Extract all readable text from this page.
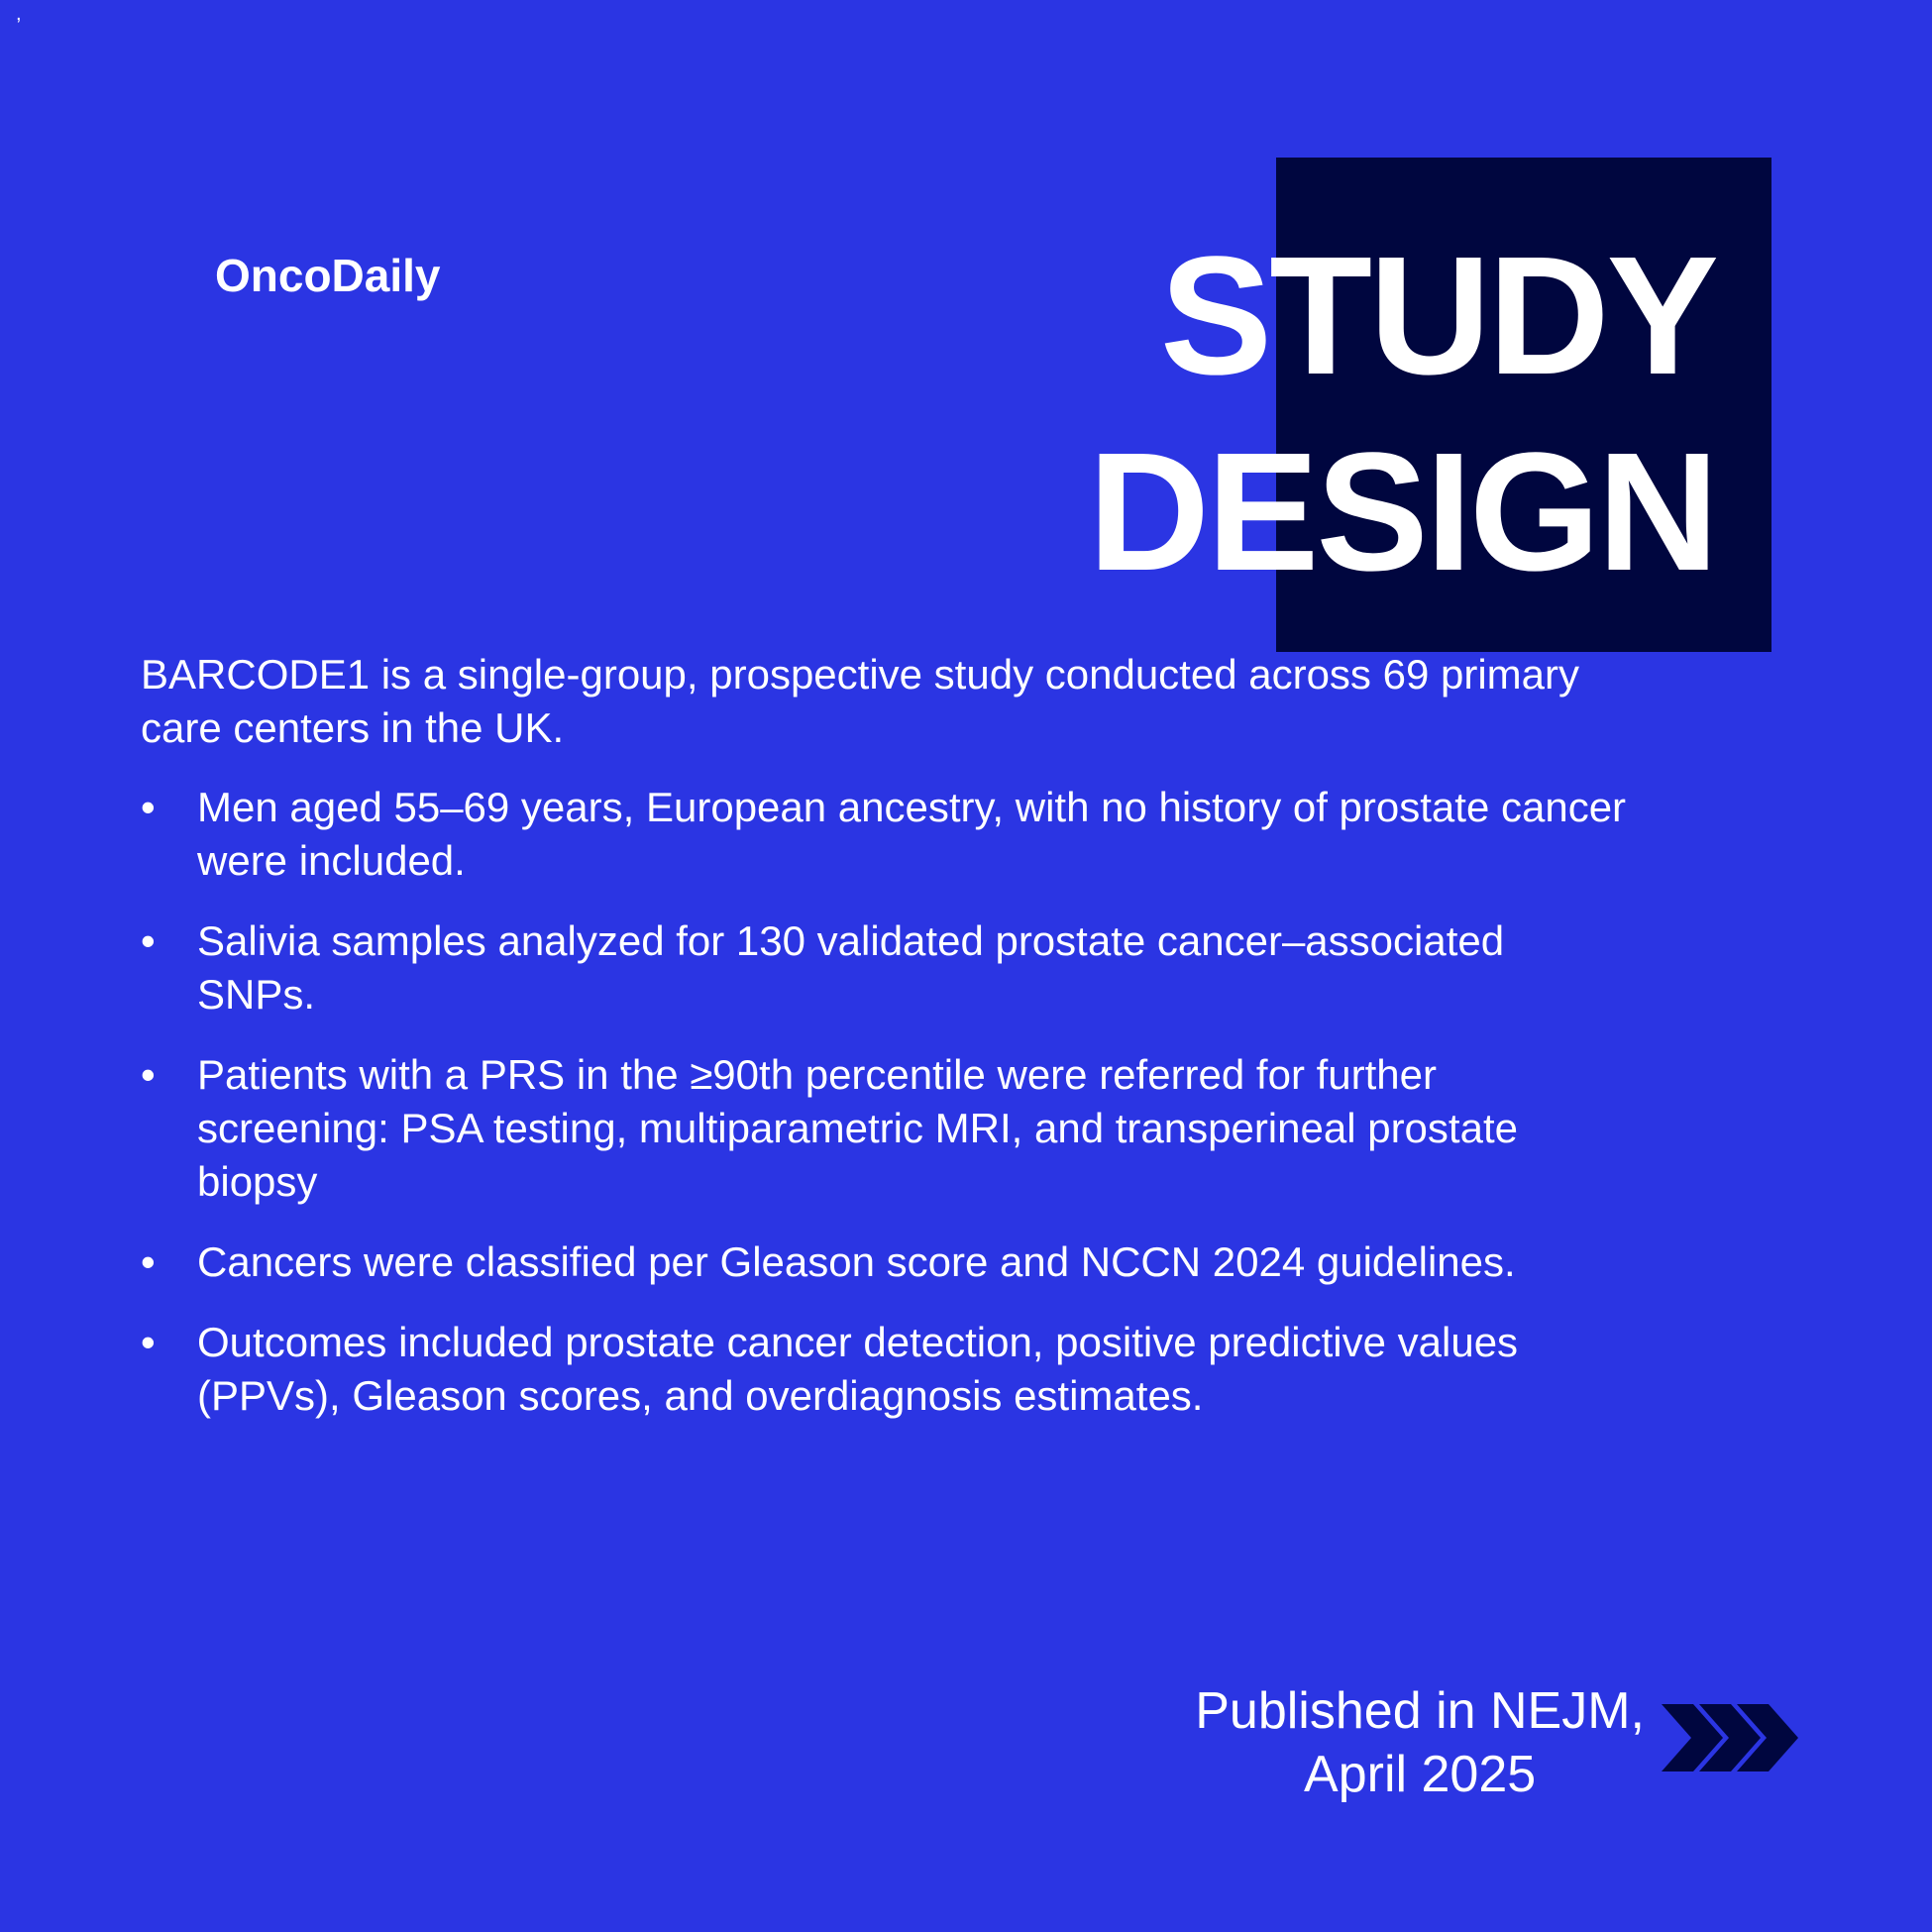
,
OncoDaily	STUDY
DESIGN

BARCODE1 is a single-group, prospective study conducted across 69 primary care centers in the UK.

•	Men aged 55–69 years, European ancestry, with no history of prostate cancer were included.
•	Salivia samples analyzed for 130 validated prostate cancer–associated SNPs.
•	Patients with a PRS in the ≥90th percentile were referred for further screening: PSA testing, multiparametric MRI, and transperineal prostate biopsy
•	Cancers were classified per Gleason score and NCCN 2024 guidelines.
•	Outcomes included prostate cancer detection, positive predictive values (PPVs), Gleason scores, and overdiagnosis estimates.
Published in NEJM,
April 2025
